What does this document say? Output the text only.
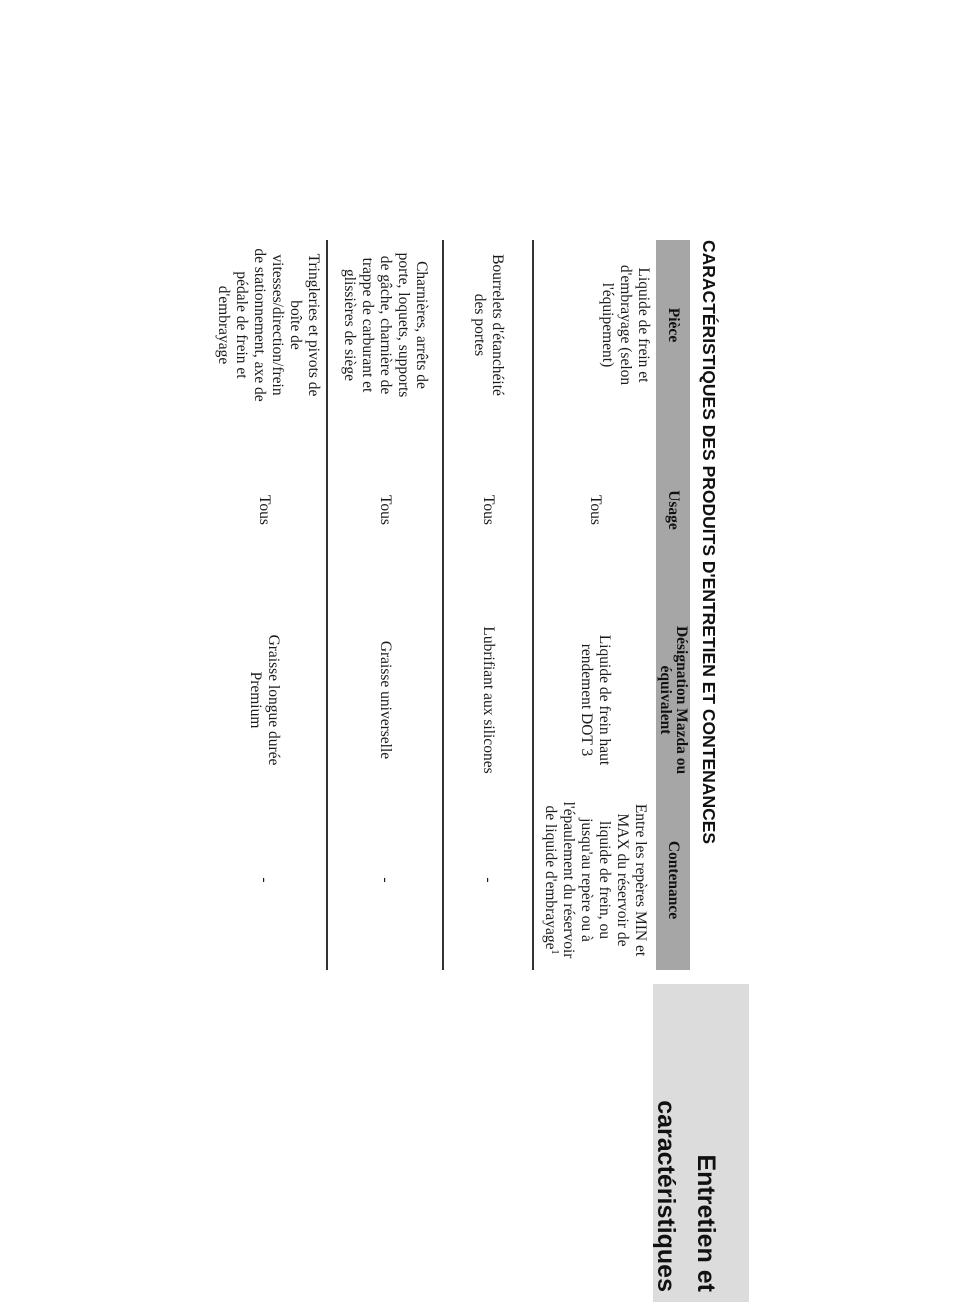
Entretien et caractéristiques
CARACTÉRISTIQUES DES PRODUITS D'ENTRETIEN ET CONTENANCES
Pièce	Usage	Désignation Mazda ou équivalent	Contenance
Liquide de frein et d'embrayage (selon l'équipement)	Tous	Liquide de frein haut rendement DOT 3	Entre les repères MIN et MAX du réservoir de liquide de frein, ou jusqu'au repère ou à l'épaulement du réservoir de liquide d'embrayage$^1$
Bourrelets d'étanchéité des portes	Tous	Lubrifiant aux silicones	-
Charnières, arrêts de porte, loquets, supports de gâche, charnière de trappe de carburant et glissières de siège	Tous	Graisse universelle	-
Tringleries et pivots de boîte de vitesses/direction/frein de stationnement, axe de pédale de frein et d'embrayage	Tous	Graisse longue durée Premium	-
